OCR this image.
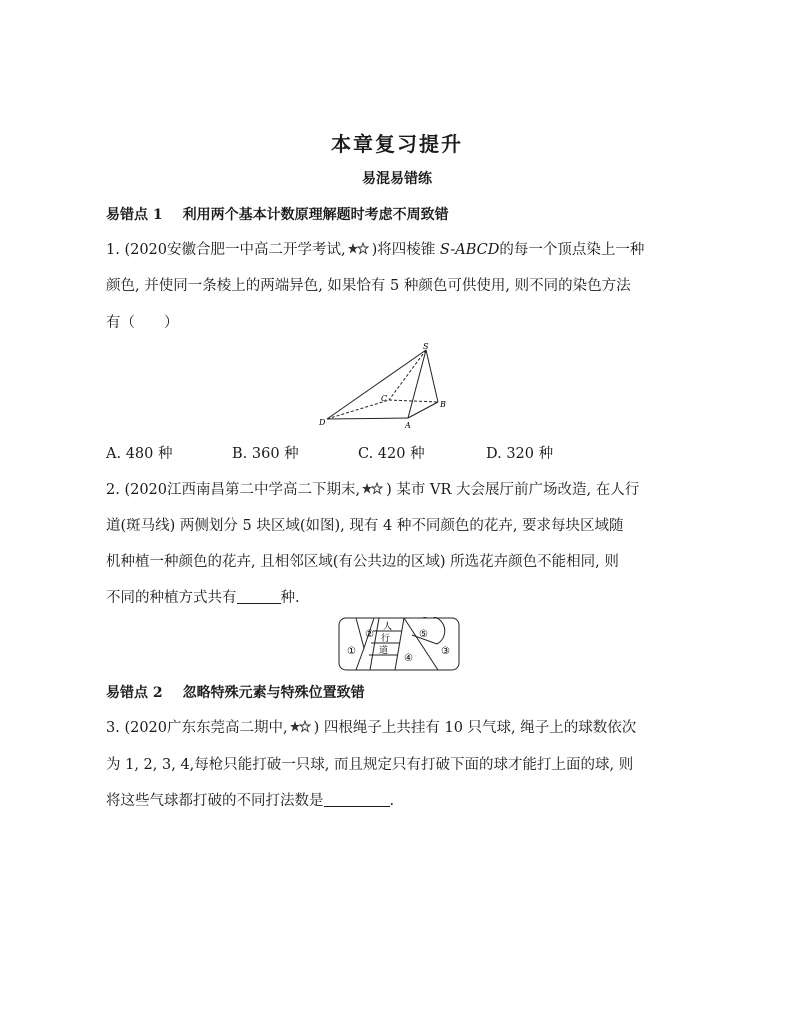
本章复习提升
易混易错练
易错点 1 利用两个基本计数原理解题时考虑不周致错
1. (2020安徽合肥一中高二开学考试, )将四棱锥 S-ABCD的每一个顶点染上一种
颜色, 并使同一条棱上的两端异色, 如果恰有 5 种颜色可供使用, 则不同的染色方法
有（　　）
S
C
B
D	A
A. 480 种	B. 360 种	C. 420 种	D. 320 种
2. (2020江西南昌第二中学高二下期末, ) 某市 VR 大会展厅前广场改造, 在人行
道(斑马线) 两侧划分 5 块区域(如图), 现有 4 种不同颜色的花卉, 要求每块区域随
机种植一种颜色的花卉, 且相邻区域(有公共边的区域) 所选花卉颜色不能相同, 则
不同的种植方式共有	种.
①
②
③
④
⑤
人
行
道
易错点 2 忽略特殊元素与特殊位置致错
3. (2020广东东莞高二期中, ) 四根绳子上共挂有 10 只气球, 绳子上的球数依次
为 1, 2, 3, 4,每枪只能打破一只球, 而且规定只有打破下面的球才能打上面的球, 则
将这些气球都打破的不同打法数是	.
